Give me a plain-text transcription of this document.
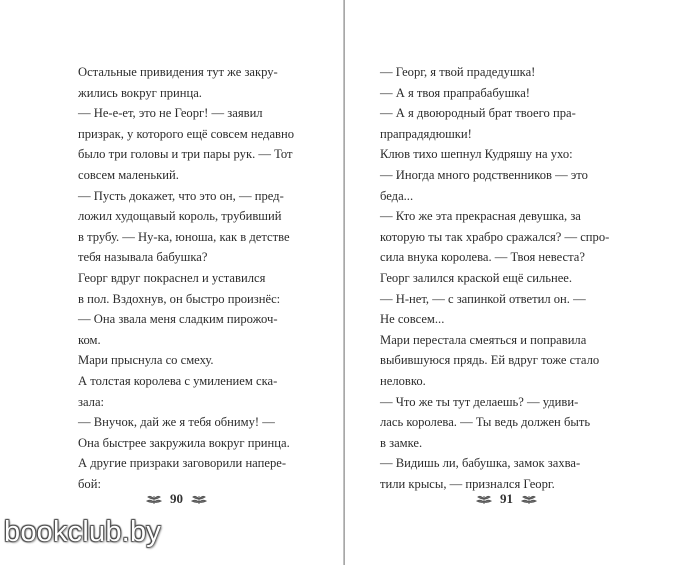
Остальные привидения тут же закру-

жились вокруг принца.

— Не-е-ет, это не Георг! — заявил

призрак, у которого ещё совсем недавно

было три головы и три пары рук. — Тот

совсем маленький.

— Пусть докажет, что это он, — пред-

ложил худощавый король, трубивший

в трубу. — Ну-ка, юноша, как в детстве

тебя называла бабушка?

Георг вдруг покраснел и уставился

в пол. Вздохнув, он быстро произнёс:

— Она звала меня сладким пирожоч-

ком.

Мари прыснула со смеху.

А толстая королева с умилением ска-

зала:

— Внучок, дай же я тебя обниму! —

Она быстрее закружила вокруг принца.

А другие призраки заговорили напере-

бой:

90

— Георг, я твой прадедушка!

— А я твоя прапрабабушка!

— А я двоюродный брат твоего пра-

прапрадядюшки!

Клюв тихо шепнул Кудряшу на ухо:

— Иногда много родственников — это

беда...

— Кто же эта прекрасная девушка, за

которую ты так храбро сражался? — спро-

сила внука королева. — Твоя невеста?

Георг залился краской ещё сильнее.

— Н-нет, — с запинкой ответил он. —

Не совсем...

Мари перестала смеяться и поправила

выбившуюся прядь. Ей вдруг тоже стало

неловко.

— Что же ты тут делаешь? — удиви-

лась королева. — Ты ведь должен быть

в замке.

— Видишь ли, бабушка, замок захва-

тили крысы, — признался Георг.

91
bookclub.by
